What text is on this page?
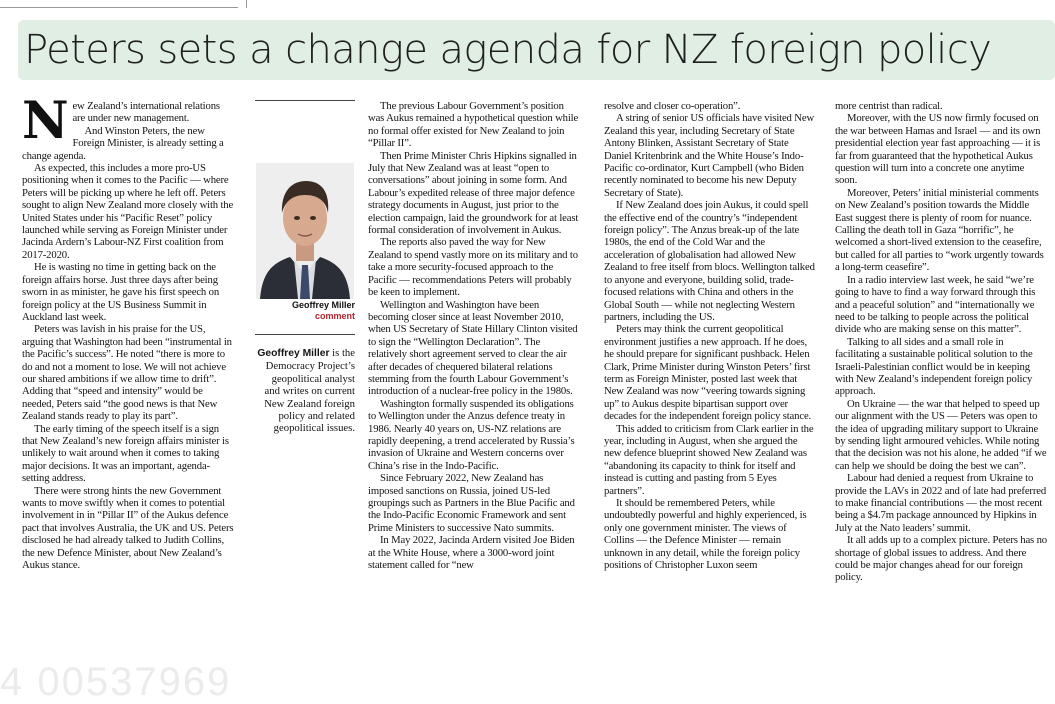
Peters sets a change agenda for NZ foreign policy
N ew Zealand’s international relations are under new management.

And Winston Peters, the new Foreign Minister, is already setting a change agenda.

As expected, this includes a more pro-US positioning when it comes to the Pacific — where Peters will be picking up where he left off. Peters sought to align New Zealand more closely with the United States under his “Pacific Reset” policy launched while serving as Foreign Minister under Jacinda Ardern’s Labour-NZ First coalition from 2017-2020.

He is wasting no time in getting back on the foreign affairs horse. Just three days after being sworn in as minister, he gave his first speech on foreign policy at the US Business Summit in Auckland last week.

Peters was lavish in his praise for the US, arguing that Washington had been “instrumental in the Pacific’s success”. He noted “there is more to do and not a moment to lose. We will not achieve our shared ambitions if we allow time to drift”. Adding that “speed and intensity” would be needed, Peters said “the good news is that New Zealand stands ready to play its part”.

The early timing of the speech itself is a sign that New Zealand’s new foreign affairs minister is unlikely to wait around when it comes to taking major decisions. It was an important, agenda-setting address.

There were strong hints the new Government wants to move swiftly when it comes to potential involvement in in “Pillar II” of the Aukus defence pact that involves Australia, the UK and US. Peters disclosed he had already talked to Judith Collins, the new Defence Minister, about New Zealand’s Aukus stance.

Geoffrey Miller
comment
Geoffrey Miller is the Democracy Project’s geopolitical analyst and writes on current New Zealand foreign policy and related geopolitical issues.

The previous Labour Government’s position was Aukus remained a hypothetical question while no formal offer existed for New Zealand to join “Pillar II”.

Then Prime Minister Chris Hipkins signalled in July that New Zealand was at least “open to conversations” about joining in some form. And Labour’s expedited release of three major defence strategy documents in August, just prior to the election campaign, laid the groundwork for at least formal consideration of involvement in Aukus.

The reports also paved the way for New Zealand to spend vastly more on its military and to take a more security-focused approach to the Pacific — recommendations Peters will probably be keen to implement.

Wellington and Washington have been becoming closer since at least November 2010, when US Secretary of State Hillary Clinton visited to sign the “Wellington Declaration”. The relatively short agreement served to clear the air after decades of chequered bilateral relations stemming from the fourth Labour Government’s introduction of a nuclear-free policy in the 1980s.

Washington formally suspended its obligations to Wellington under the Anzus defence treaty in 1986. Nearly 40 years on, US-NZ relations are rapidly deepening, a trend accelerated by Russia’s invasion of Ukraine and Western concerns over China’s rise in the Indo-Pacific.

Since February 2022, New Zealand has imposed sanctions on Russia, joined US-led groupings such as Partners in the Blue Pacific and the Indo-Pacific Economic Framework and sent Prime Ministers to successive Nato summits.

In May 2022, Jacinda Ardern visited Joe Biden at the White House, where a 3000-word joint statement called for “new

resolve and closer co-operation”.

A string of senior US officials have visited New Zealand this year, including Secretary of State Antony Blinken, Assistant Secretary of State Daniel Kritenbrink and the White House’s Indo-Pacific co-ordinator, Kurt Campbell (who Biden recently nominated to become his new Deputy Secretary of State).

If New Zealand does join Aukus, it could spell the effective end of the country’s “independent foreign policy”. The Anzus break-up of the late 1980s, the end of the Cold War and the acceleration of globalisation had allowed New Zealand to free itself from blocs. Wellington talked to anyone and everyone, building solid, trade-focused relations with China and others in the Global South — while not neglecting Western partners, including the US.

Peters may think the current geopolitical environment justifies a new approach. If he does, he should prepare for significant pushback. Helen Clark, Prime Minister during Winston Peters’ first term as Foreign Minister, posted last week that New Zealand was now “veering towards signing up” to Aukus despite bipartisan support over decades for the independent foreign policy stance.

This added to criticism from Clark earlier in the year, including in August, when she argued the new defence blueprint showed New Zealand was “abandoning its capacity to think for itself and instead is cutting and pasting from 5 Eyes partners”.

It should be remembered Peters, while undoubtedly powerful and highly experienced, is only one government minister. The views of Collins — the Defence Minister — remain unknown in any detail, while the foreign policy positions of Christopher Luxon seem

more centrist than radical.

Moreover, with the US now firmly focused on the war between Hamas and Israel — and its own presidential election year fast approaching — it is far from guaranteed that the hypothetical Aukus question will turn into a concrete one anytime soon.

Moreover, Peters’ initial ministerial comments on New Zealand’s position towards the Middle East suggest there is plenty of room for nuance. Calling the death toll in Gaza “horrific”, he welcomed a short-lived extension to the ceasefire, but called for all parties to “work urgently towards a long-term ceasefire”.

In a radio interview last week, he said “we’re going to have to find a way forward through this and a peaceful solution” and “internationally we need to be talking to people across the political divide who are making sense on this matter”.

Talking to all sides and a small role in facilitating a sustainable political solution to the Israeli-Palestinian conflict would be in keeping with New Zealand’s independent foreign policy approach.

On Ukraine — the war that helped to speed up our alignment with the US — Peters was open to the idea of upgrading military support to Ukraine by sending light armoured vehicles. While noting that the decision was not his alone, he added “if we can help we should be doing the best we can”.

Labour had denied a request from Ukraine to provide the LAVs in 2022 and of late had preferred to make financial contributions — the most recent being a $4.7m package announced by Hipkins in July at the Nato leaders’ summit.

It all adds up to a complex picture. Peters has no shortage of global issues to address. And there could be major changes ahead for our foreign policy.

4 00537969
